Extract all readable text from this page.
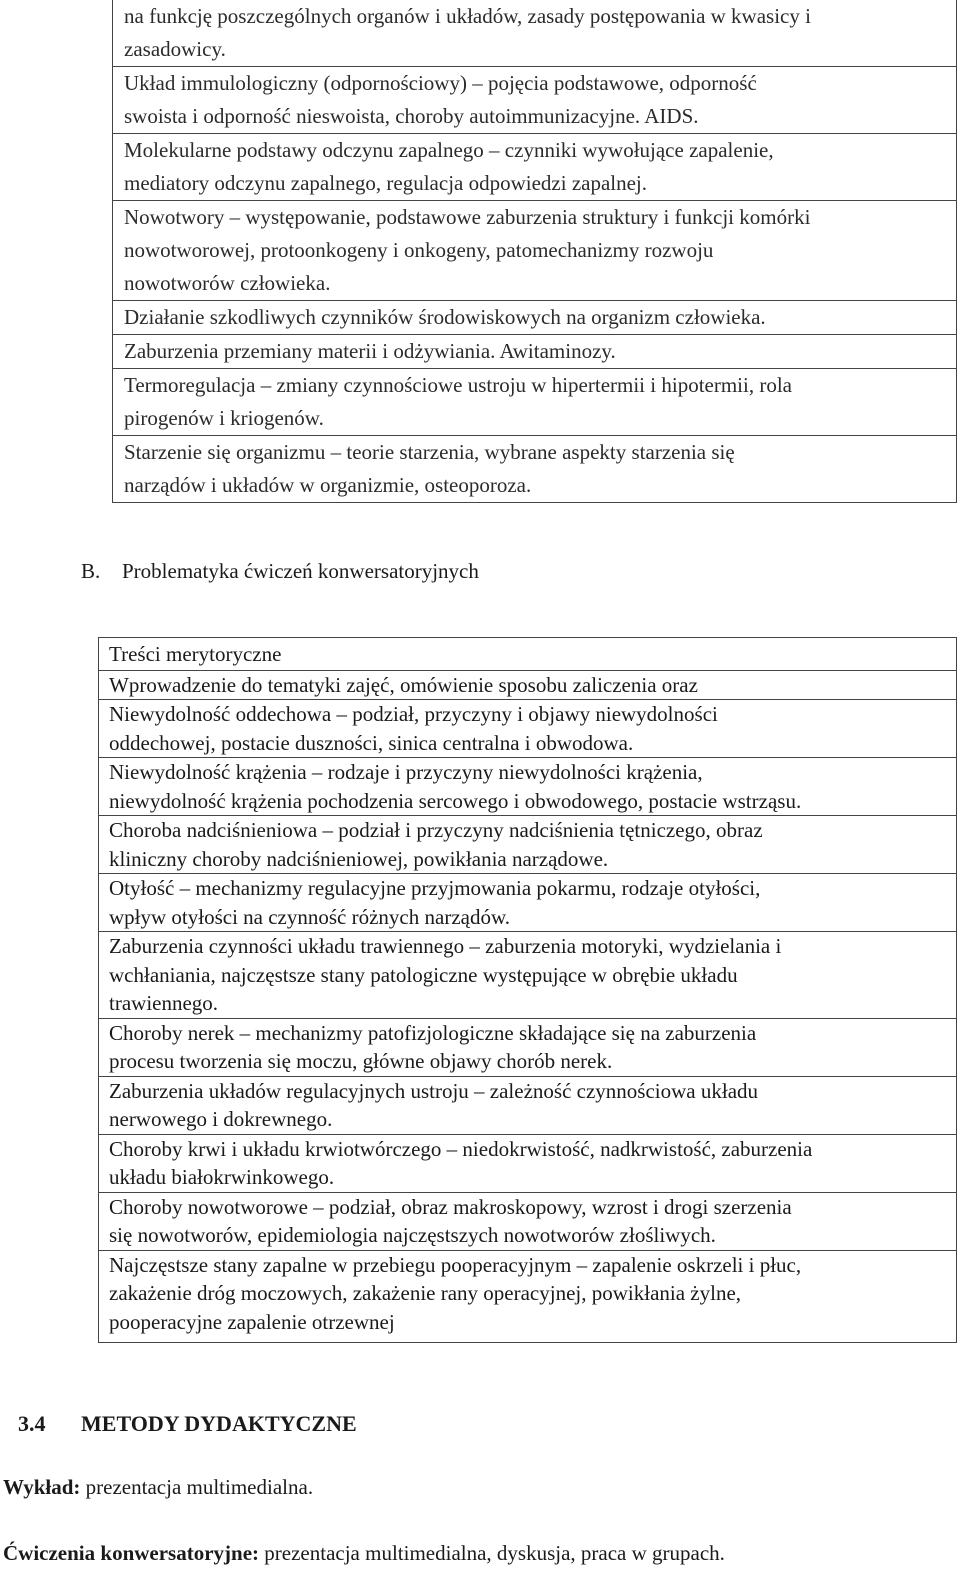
na funkcję poszczególnych organów i układów, zasady postępowania w kwasicy i
zasadowicy.

Układ immulologiczny (odpornościowy) – pojęcia podstawowe, odporność
swoista i odporność nieswoista, choroby autoimmunizacyjne. AIDS.

Molekularne podstawy odczynu zapalnego – czynniki wywołujące zapalenie,
mediatory odczynu zapalnego, regulacja odpowiedzi zapalnej.

Nowotwory – występowanie, podstawowe zaburzenia struktury i funkcji komórki
nowotworowej, protoonkogeny i onkogeny, patomechanizmy rozwoju
nowotworów człowieka.

Działanie szkodliwych czynników środowiskowych na organizm człowieka.

Zaburzenia przemiany materii i odżywiania. Awitaminozy.

Termoregulacja – zmiany czynnościowe ustroju w hipertermii i hipotermii, rola
pirogenów i kriogenów.

Starzenie się organizmu – teorie starzenia, wybrane aspekty starzenia się
narządów i układów w organizmie, osteoporoza.
B. Problematyka ćwiczeń konwersatoryjnych
Treści merytoryczne

Wprowadzenie do tematyki zajęć, omówienie sposobu zaliczenia oraz

Niewydolność oddechowa – podział, przyczyny i objawy niewydolności
oddechowej, postacie duszności, sinica centralna i obwodowa.

Niewydolność krążenia – rodzaje i przyczyny niewydolności krążenia,
niewydolność krążenia pochodzenia sercowego i obwodowego, postacie wstrząsu.

Choroba nadciśnieniowa – podział i przyczyny nadciśnienia tętniczego, obraz
kliniczny choroby nadciśnieniowej, powikłania narządowe.

Otyłość – mechanizmy regulacyjne przyjmowania pokarmu, rodzaje otyłości,
wpływ otyłości na czynność różnych narządów.

Zaburzenia czynności układu trawiennego – zaburzenia motoryki, wydzielania i
wchłaniania, najczęstsze stany patologiczne występujące w obrębie układu
trawiennego.

Choroby nerek – mechanizmy patofizjologiczne składające się na zaburzenia
procesu tworzenia się moczu, główne objawy chorób nerek.

Zaburzenia układów regulacyjnych ustroju – zależność czynnościowa układu
nerwowego i dokrewnego.

Choroby krwi i układu krwiotwórczego – niedokrwistość, nadkrwistość, zaburzenia
układu białokrwinkowego.

Choroby nowotworowe – podział, obraz makroskopowy, wzrost i drogi szerzenia
się nowotworów, epidemiologia najczęstszych nowotworów złośliwych.

Najczęstsze stany zapalne w przebiegu pooperacyjnym – zapalenie oskrzeli i płuc,
zakażenie dróg moczowych, zakażenie rany operacyjnej, powikłania żylne,
pooperacyjne zapalenie otrzewnej
3.4 METODY DYDAKTYCZNE
Wykład: prezentacja multimedialna.
Ćwiczenia konwersatoryjne: prezentacja multimedialna, dyskusja, praca w grupach.
